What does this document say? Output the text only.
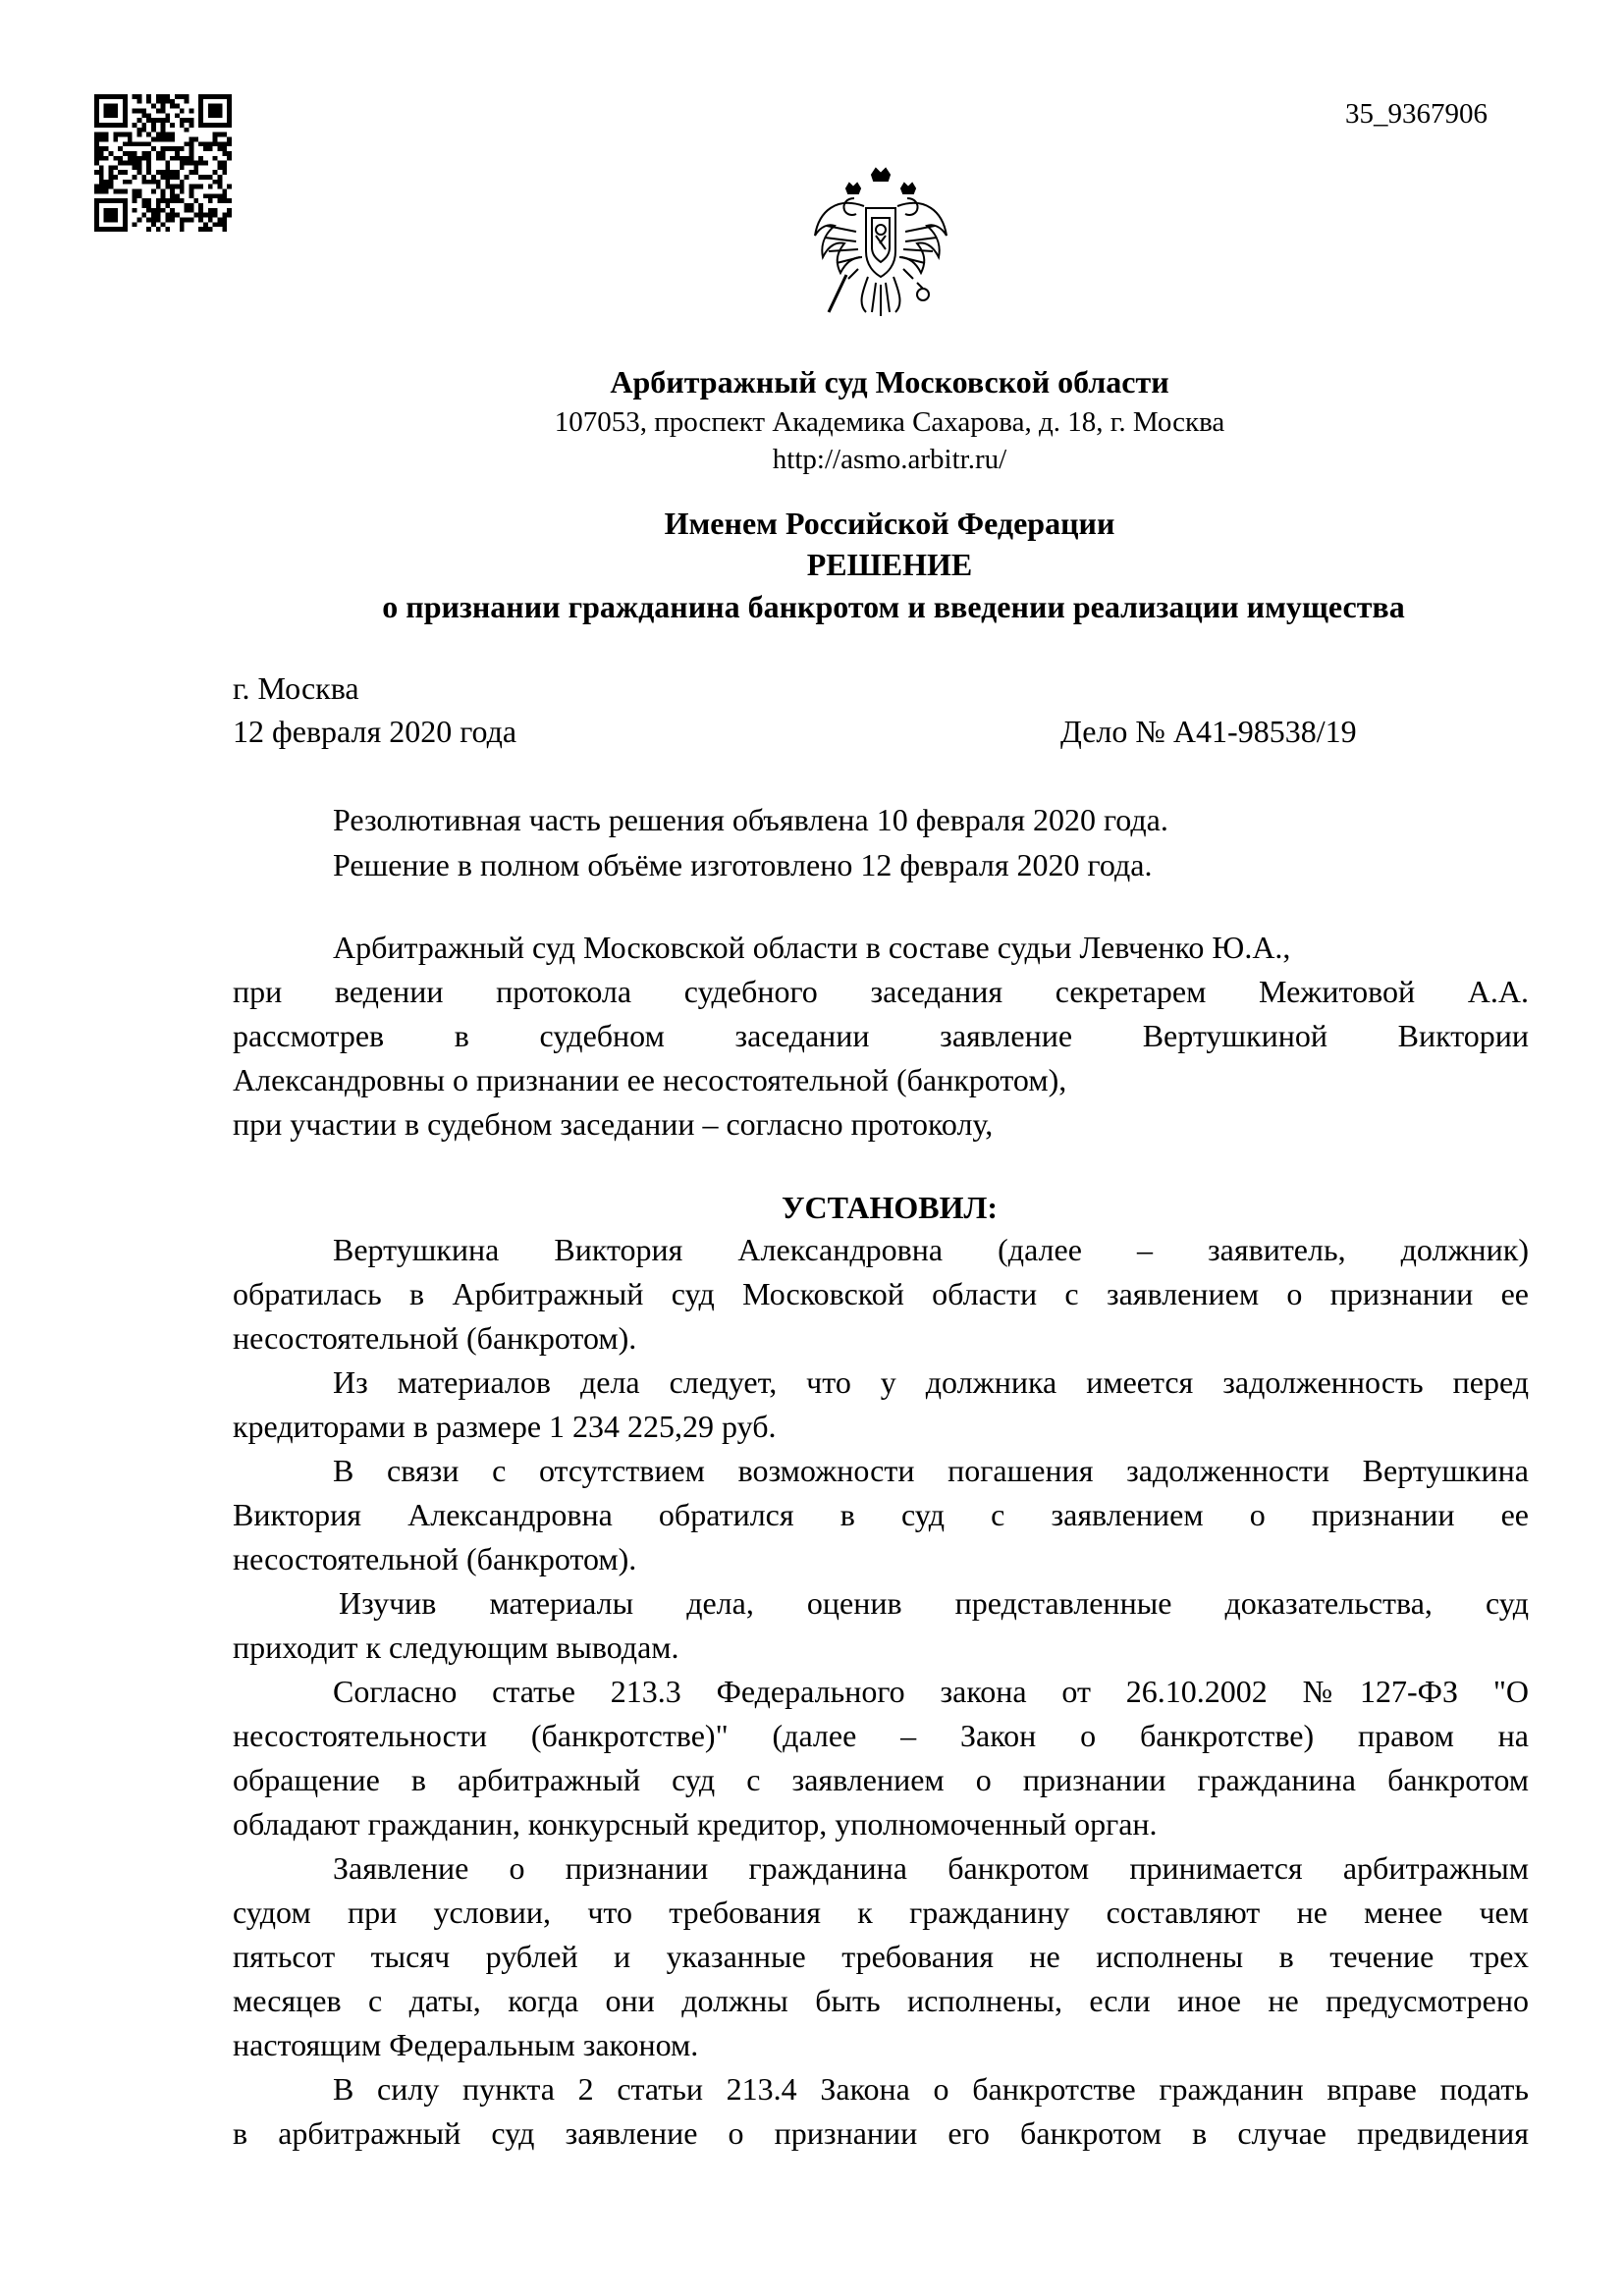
35_9367906
Арбитражный суд Московской области
107053, проспект Академика Сахарова, д. 18, г. Москва
http://asmo.arbitr.ru/
Именем Российской Федерации
РЕШЕНИЕ
о признании гражданина банкротом и введении реализации имущества
г. Москва
12 февраля 2020 года	Дело № А41-98538/19
Резолютивная часть решения объявлена 10 февраля 2020 года.
Решение в полном объёме изготовлено 12 февраля 2020 года.
Арбитражный суд Московской области в составе судьи Левченко Ю.А.,
при ведении протокола судебного заседания секретарем Межитовой А.А.
рассмотрев в судебном заседании заявление Вертушкиной Виктории
Александровны о признании ее несостоятельной (банкротом),
при участии в судебном заседании – согласно протоколу,
УСТАНОВИЛ:
Вертушкина Виктория Александровна (далее – заявитель, должник)
обратилась в Арбитражный суд Московской области с заявлением о признании ее
несостоятельной (банкротом).
Из материалов дела следует, что у должника имеется задолженность перед
кредиторами в размере 1 234 225,29 руб.
В связи с отсутствием возможности погашения задолженности Вертушкина
Виктория Александровна обратился в суд с заявлением о признании ее
несостоятельной (банкротом).
Изучив материалы дела, оценив представленные доказательства, суд
приходит к следующим выводам.
Согласно статье 213.3 Федерального закона от 26.10.2002 №127-ФЗ "О
несостоятельности (банкротстве)" (далее – Закон о банкротстве) правом на
обращение в арбитражный суд с заявлением о признании гражданина банкротом
обладают гражданин, конкурсный кредитор, уполномоченный орган.
Заявление о признании гражданина банкротом принимается арбитражным
судом при условии, что требования к гражданину составляют не менее чем
пятьсот тысяч рублей и указанные требования не исполнены в течение трех
месяцев с даты, когда они должны быть исполнены, если иное не предусмотрено
настоящим Федеральным законом.
В силу пункта 2 статьи 213.4 Закона о банкротстве гражданин вправе подать
в арбитражный суд заявление о признании его банкротом в случае предвидения
